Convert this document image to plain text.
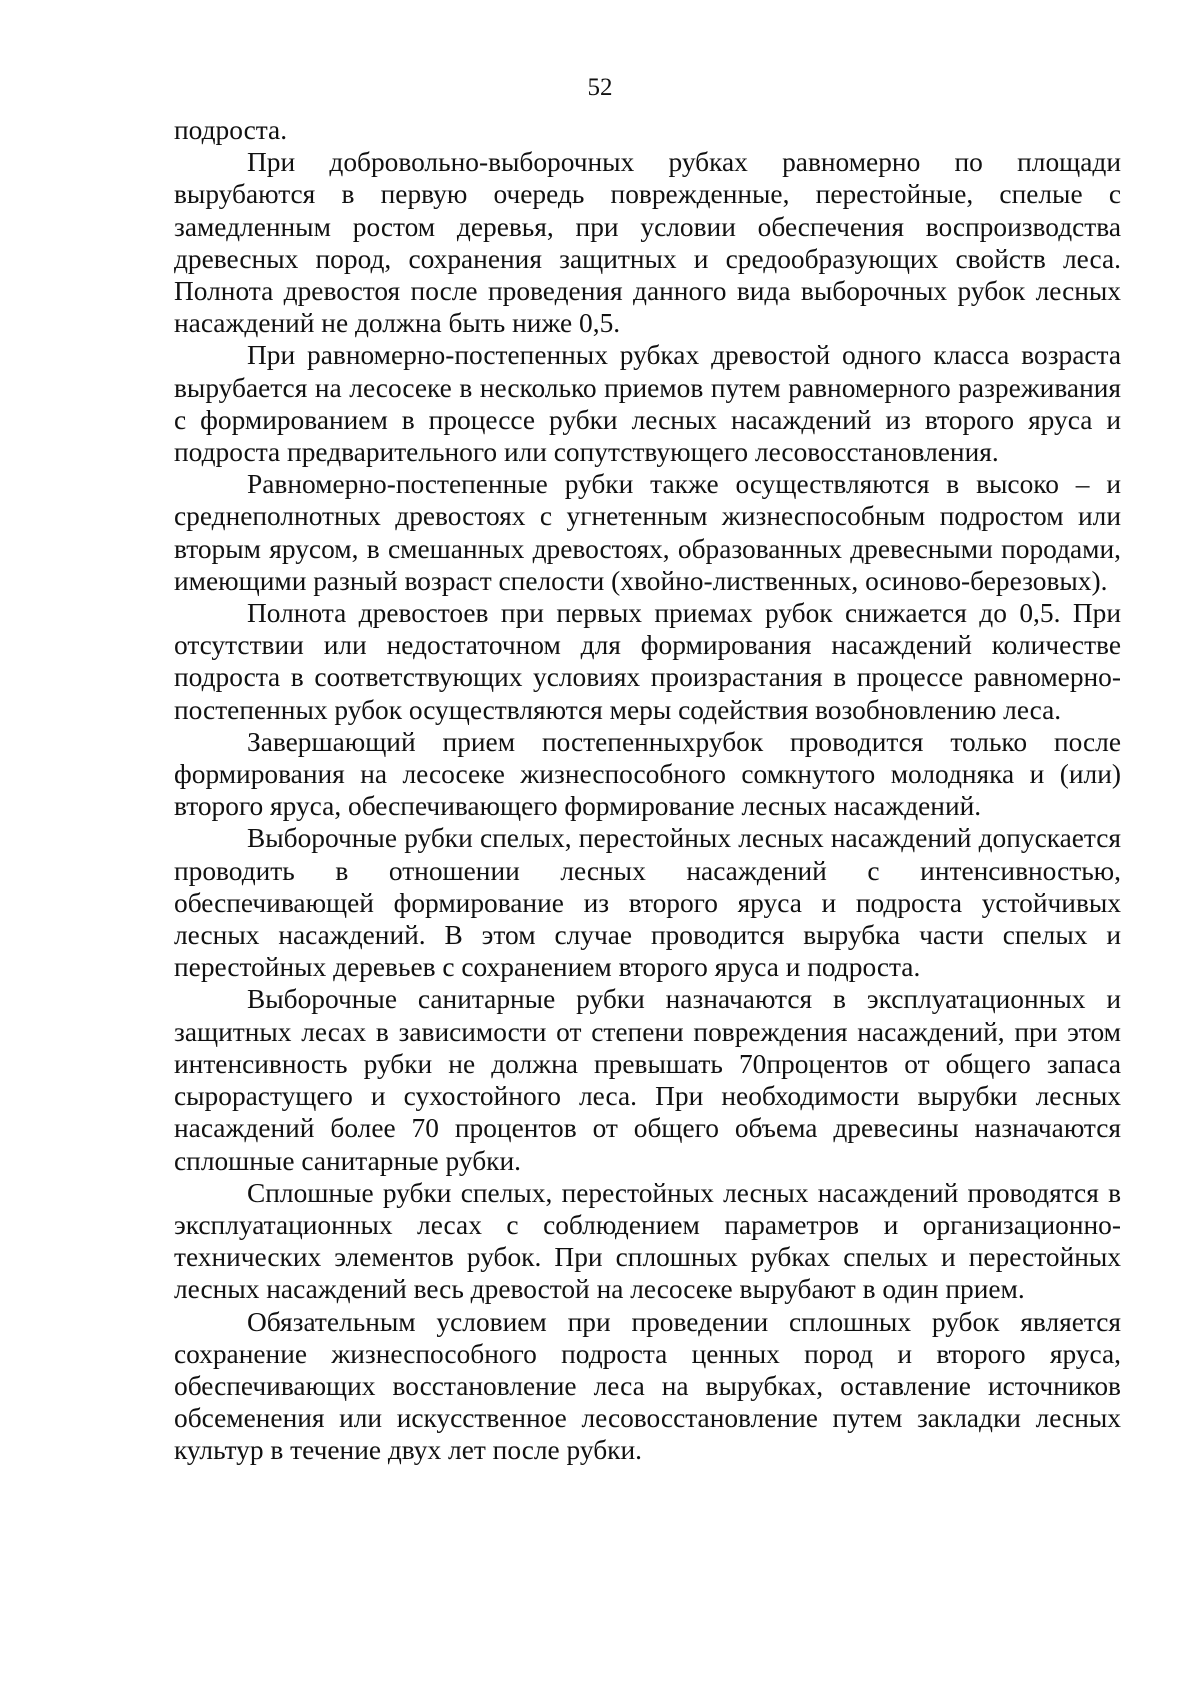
52

подроста.

При добровольно-выборочных рубках равномерно по площади вырубаются в первую очередь поврежденные, перестойные, спелые с замедленным ростом деревья, при условии обеспечения воспроизводства древесных пород, сохранения защитных и средообразующих свойств леса. Полнота древостоя после проведения данного вида выборочных рубок лесных насаждений не должна быть ниже 0,5.

При равномерно-постепенных рубках древостой одного класса возраста вырубается на лесосеке в несколько приемов путем равномерного разреживания с формированием в процессе рубки лесных насаждений из второго яруса и подроста предварительного или сопутствующего лесовосстановления.

Равномерно-постепенные рубки также осуществляются в высоко – и среднеполнотных древостоях с угнетенным жизнеспособным подростом или вторым ярусом, в смешанных древостоях, образованных древесными породами, имеющими разный возраст спелости (хвойно-лиственных, осиново-березовых).

Полнота древостоев при первых приемах рубок снижается до 0,5. При отсутствии или недостаточном для формирования насаждений количестве подроста в соответствующих условиях произрастания в процессе равномерно-постепенных рубок осуществляются меры содействия возобновлению леса.

Завершающий прием постепенныхрубок проводится только после формирования на лесосеке жизнеспособного сомкнутого молодняка и (или) второго яруса, обеспечивающего формирование лесных насаждений.

Выборочные рубки спелых, перестойных лесных насаждений допускается проводить в отношении лесных насаждений с интенсивностью, обеспечивающей формирование из второго яруса и подроста устойчивых лесных насаждений. В этом случае проводится вырубка части спелых и перестойных деревьев с сохранением второго яруса и подроста.

Выборочные санитарные рубки назначаются в эксплуатационных и защитных лесах в зависимости от степени повреждения насаждений, при этом интенсивность рубки не должна превышать 70процентов от общего запаса сырорастущего и сухостойного леса. При необходимости вырубки лесных насаждений более 70 процентов от общего объема древесины назначаются сплошные санитарные рубки.

Сплошные рубки спелых, перестойных лесных насаждений проводятся в эксплуатационных лесах с соблюдением параметров и организационно-технических элементов рубок. При сплошных рубках спелых и перестойных лесных насаждений весь древостой на лесосеке вырубают в один прием.

Обязательным условием при проведении сплошных рубок является сохранение жизнеспособного подроста ценных пород и второго яруса, обеспечивающих восстановление леса на вырубках, оставление источников обсеменения или искусственное лесовосстановление путем закладки лесных культур в течение двух лет после рубки.
